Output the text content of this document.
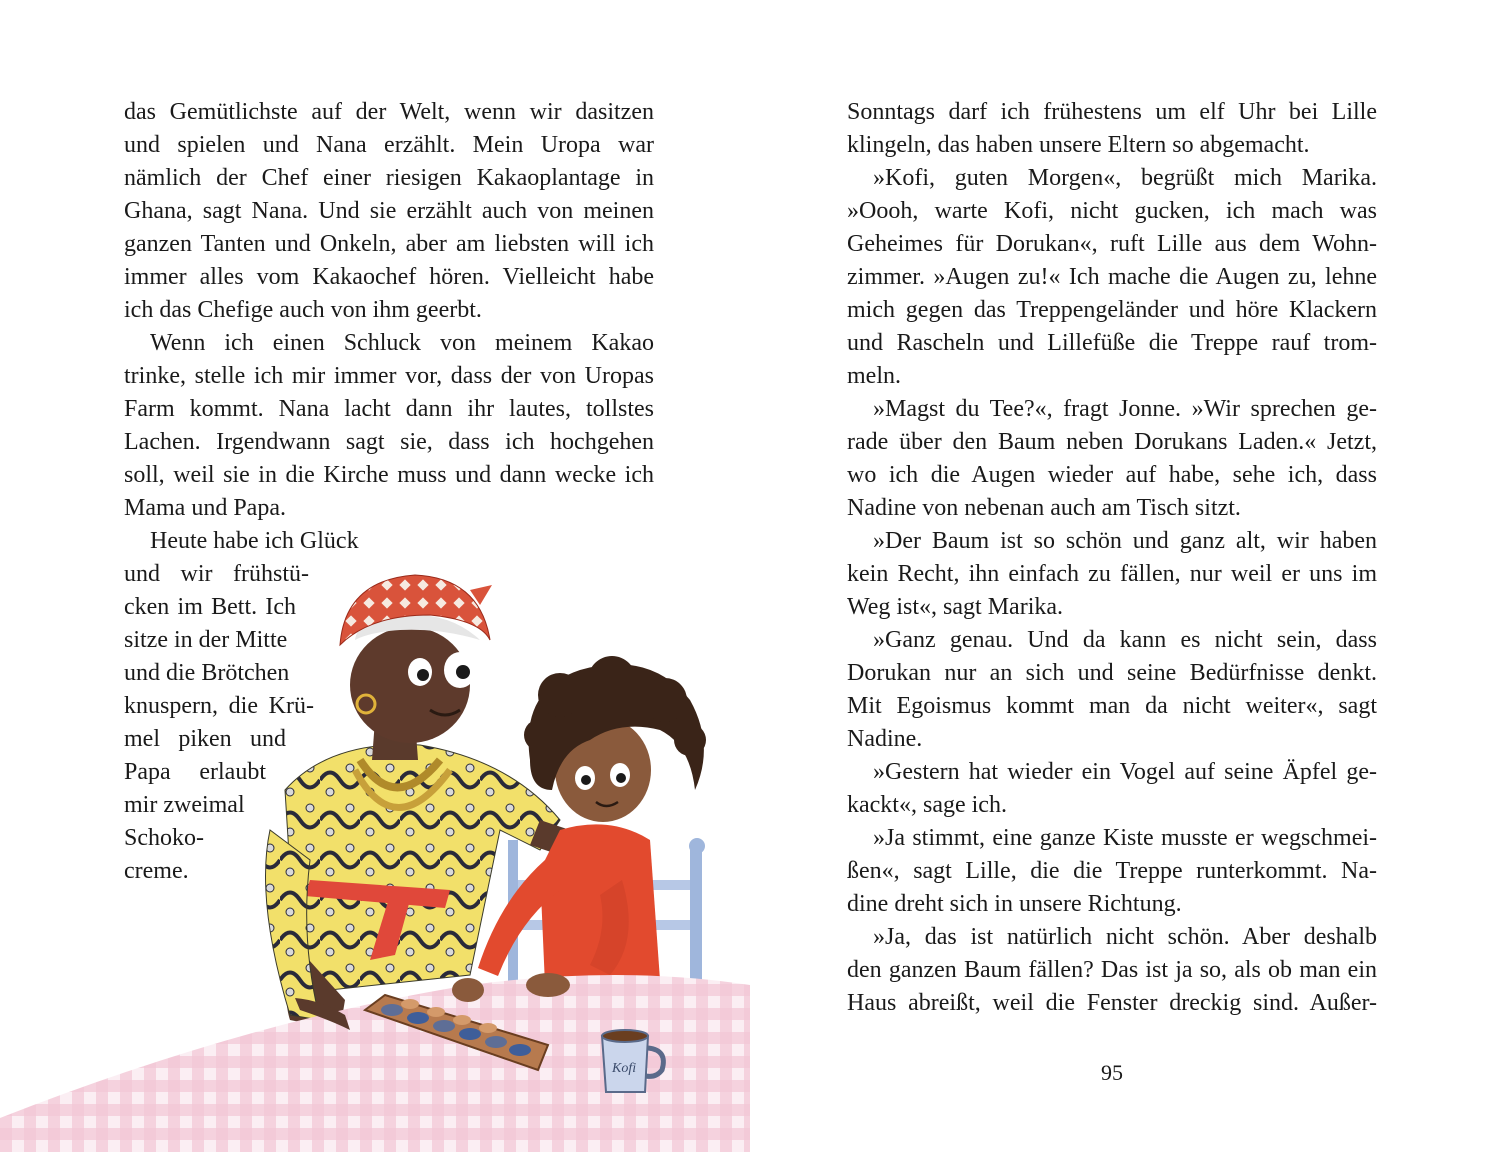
das Gemütlichste auf der Welt, wenn wir dasitzen
und spielen und Nana erzählt. Mein Uropa war
nämlich der Chef einer riesigen Kakaoplantage in
Ghana, sagt Nana. Und sie erzählt auch von meinen
ganzen Tanten und Onkeln, aber am liebsten will ich
immer alles vom Kakaochef hören. Vielleicht habe
ich das Chefige auch von ihm geerbt.
Wenn ich einen Schluck von meinem Kakao
trinke, stelle ich mir immer vor, dass der von Uropas
Farm kommt. Nana lacht dann ihr lautes, tollstes
Lachen. Irgendwann sagt sie, dass ich hochgehen
soll, weil sie in die Kirche muss und dann wecke ich
Mama und Papa.
Heute habe ich Glück
und wir frühstü-
cken im Bett. Ich
sitze in der Mitte
und die Brötchen
knuspern, die Krü-
mel piken und
Papa erlaubt
mir zweimal
Schoko-
creme.
Kofi
Sonntags darf ich frühestens um elf Uhr bei Lille
klingeln, das haben unsere Eltern so abgemacht.
»Kofi, guten Morgen«, begrüßt mich Marika.
»Oooh, warte Kofi, nicht gucken, ich mach was
Geheimes für Dorukan«, ruft Lille aus dem Wohn-
zimmer. »Augen zu!« Ich mache die Augen zu, lehne
mich gegen das Treppengeländer und höre Klackern
und Rascheln und Lillefüße die Treppe rauf trom-
meln.
»Magst du Tee?«, fragt Jonne. »Wir sprechen ge-
rade über den Baum neben Dorukans Laden.« Jetzt,
wo ich die Augen wieder auf habe, sehe ich, dass
Nadine von nebenan auch am Tisch sitzt.
»Der Baum ist so schön und ganz alt, wir haben
kein Recht, ihn einfach zu fällen, nur weil er uns im
Weg ist«, sagt Marika.
»Ganz genau. Und da kann es nicht sein, dass
Dorukan nur an sich und seine Bedürfnisse denkt.
Mit Egoismus kommt man da nicht weiter«, sagt
Nadine.
»Gestern hat wieder ein Vogel auf seine Äpfel ge-
kackt«, sage ich.
»Ja stimmt, eine ganze Kiste musste er wegschmei-
ßen«, sagt Lille, die die Treppe runterkommt. Na-
dine dreht sich in unsere Richtung.
»Ja, das ist natürlich nicht schön. Aber deshalb
den ganzen Baum fällen? Das ist ja so, als ob man ein
Haus abreißt, weil die Fenster dreckig sind. Außer-
95
